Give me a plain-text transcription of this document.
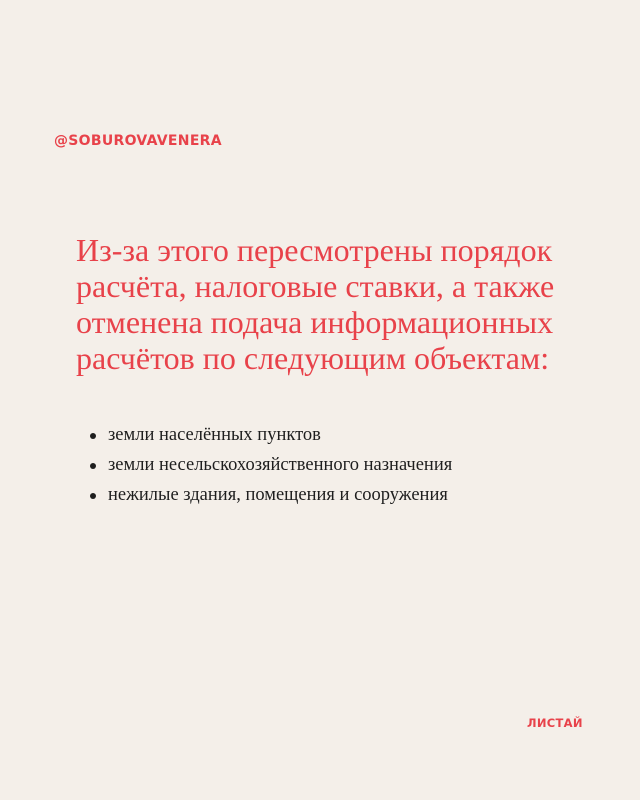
@SOBUROVAVENERA
Из-за этого пересмотрены порядок расчёта, налоговые ставки, а также отменена подача информационных расчётов по следующим объектам:
земли населённых пунктов
земли несельскохозяйственного назначения
нежилые здания, помещения и сооружения
ЛИСТАЙ
